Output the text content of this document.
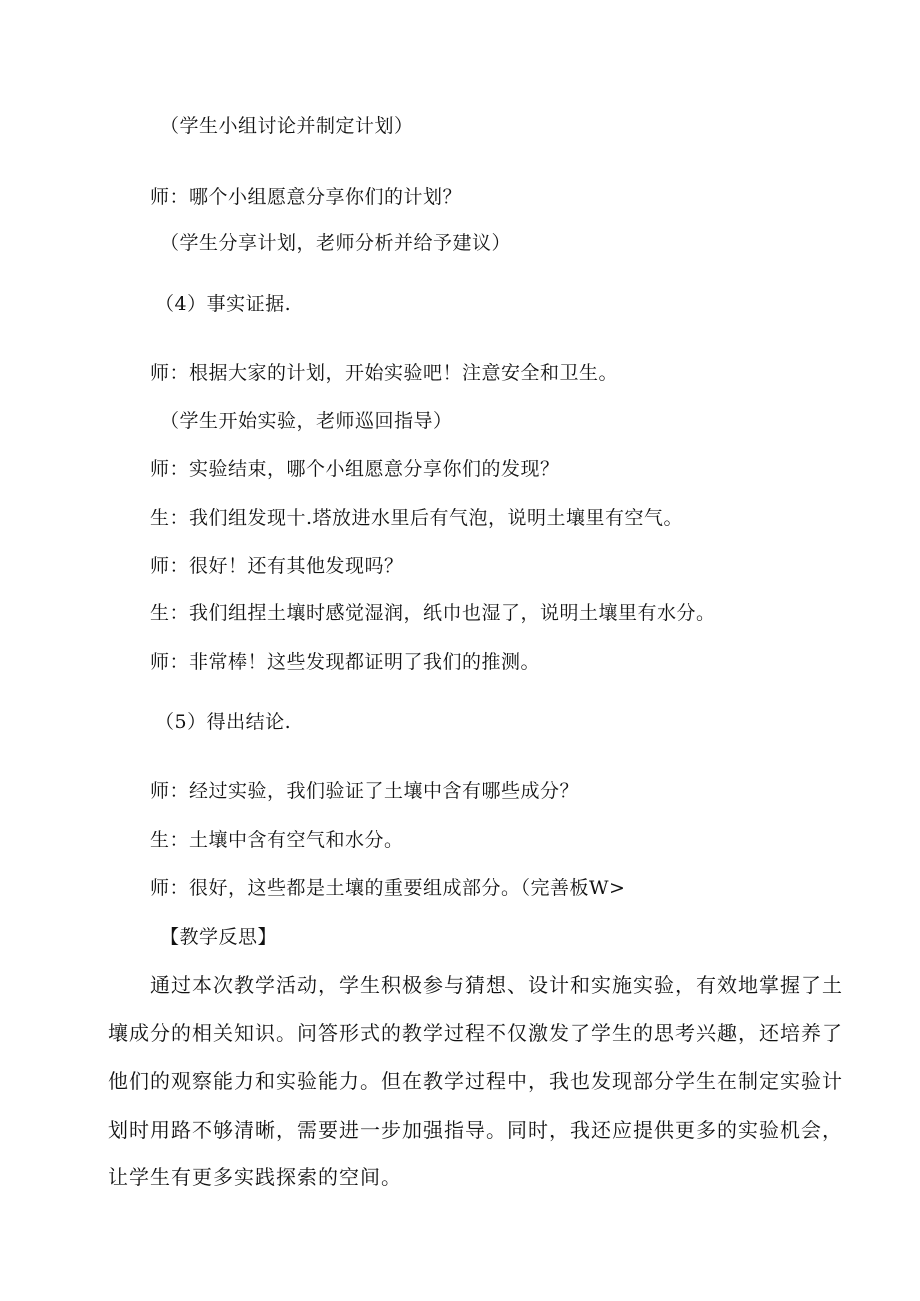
（学生小组讨论并制定计划）
师：哪个小组愿意分享你们的计划？
（学生分享计划，老师分析并给予建议）
（4）事实证据.
师：根据大家的计划，开始实验吧！注意安全和卫生。
（学生开始实验，老师巡回指导）
师：实验结束，哪个小组愿意分享你们的发现？
生：我们组发现十.塔放进水里后有气泡，说明土壤里有空气。
师：很好！还有其他发现吗？
生：我们组捏土壤时感觉湿润，纸巾也湿了，说明土壤里有水分。
师：非常棒！这些发现都证明了我们的推测。
（5）得出结论.
师：经过实验，我们验证了土壤中含有哪些成分？
生：土壤中含有空气和水分。
师：很好，这些都是土壤的重要组成部分。（完善板W>
【教学反思】
通过本次教学活动，学生积极参与猜想、设计和实施实验，有效地掌握了土
壤成分的相关知识。问答形式的教学过程不仅激发了学生的思考兴趣，还培养了
他们的观察能力和实验能力。但在教学过程中，我也发现部分学生在制定实验计
划时用路不够清晰，需要进一步加强指导。同时，我还应提供更多的实验机会，
让学生有更多实践探索的空间。
